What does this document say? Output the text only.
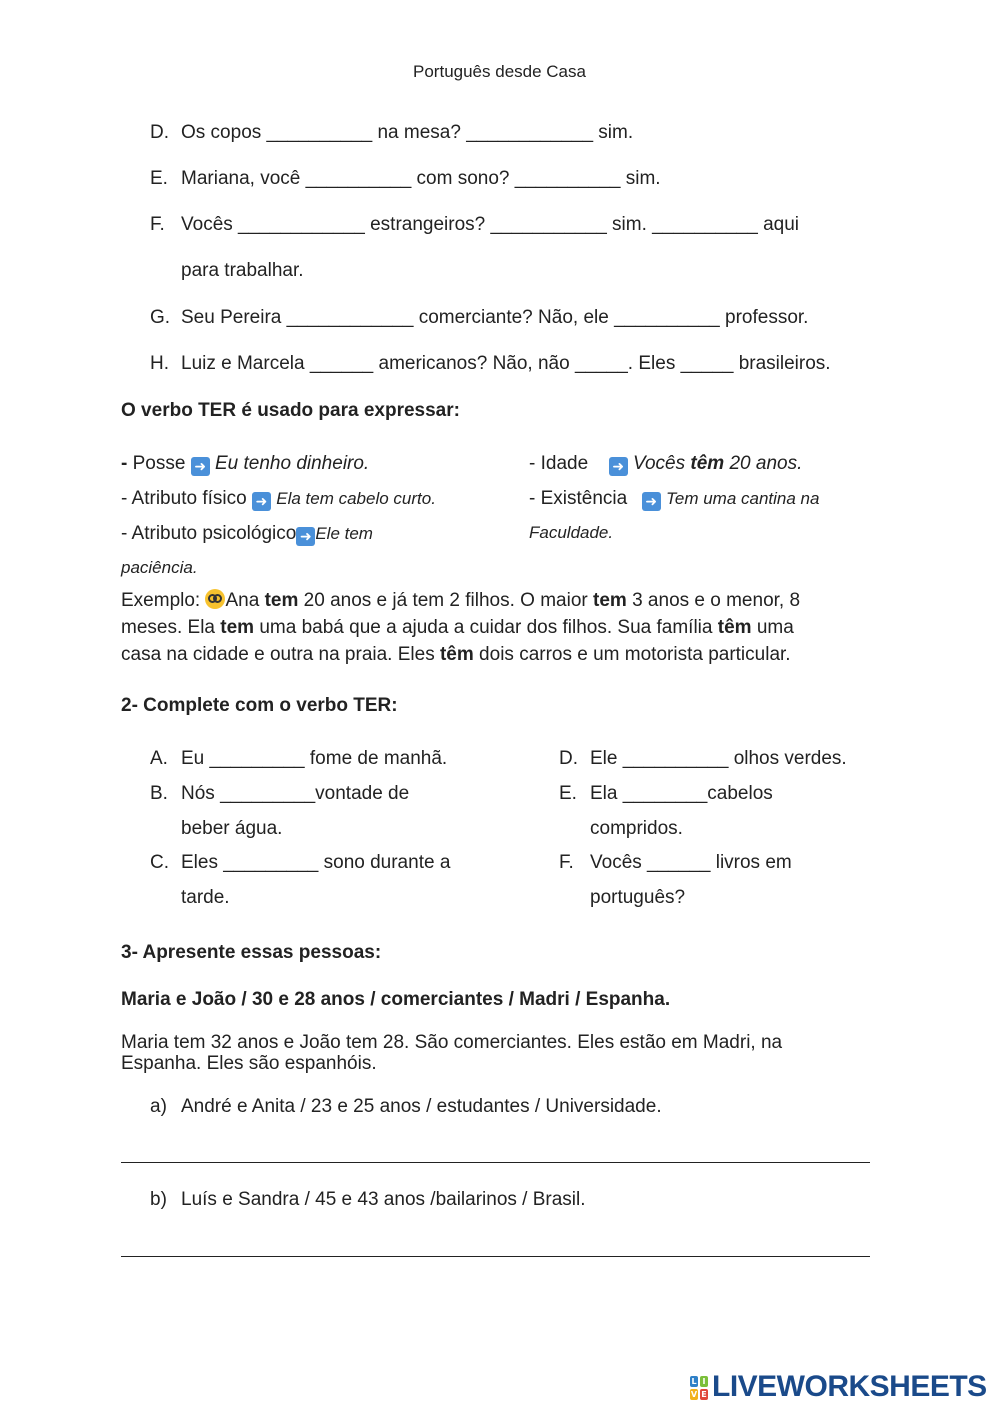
Português desde Casa
D. Os copos __________ na mesa? ____________ sim.
E. Mariana, você __________ com sono? __________ sim.
F. Vocês ____________ estrangeiros? ___________ sim. __________ aqui
para trabalhar.
G. Seu Pereira ____________ comerciante? Não, ele __________ professor.
H. Luiz e Marcela ______ americanos? Não, não _____. Eles _____ brasileiros.
O verbo TER é usado para expressar:
- Posse ➜ Eu tenho dinheiro.
- Atributo físico ➜ Ela tem cabelo curto.
- Atributo psicológico ➜ Ele tem
paciência.
- Idade ➜ Vocês têm 20 anos.
- Existência ➜ Tem uma cantina na
Faculdade.
Exemplo: Ana tem 20 anos e já tem 2 filhos. O maior tem 3 anos e o menor, 8
meses. Ela tem uma babá que a ajuda a cuidar dos filhos. Sua família têm uma
casa na cidade e outra na praia. Eles têm dois carros e um motorista particular.
2- Complete com o verbo TER:
A. Eu _________ fome de manhã.
B. Nós _________vontade de
beber água.
C. Eles _________ sono durante a
tarde.
D. Ele __________ olhos verdes.
E. Ela ________cabelos
compridos.
F. Vocês ______ livros em
português?
3- Apresente essas pessoas:
Maria e João / 30 e 28 anos / comerciantes / Madri / Espanha.
Maria tem 32 anos e João tem 28. São comerciantes. Eles estão em Madri, na
Espanha. Eles são espanhóis.
a) André e Anita / 23 e 25 anos / estudantes / Universidade.
b) Luís e Sandra / 45 e 43 anos /bailarinos / Brasil.
L I
V E LIVEWORKSHEETS
